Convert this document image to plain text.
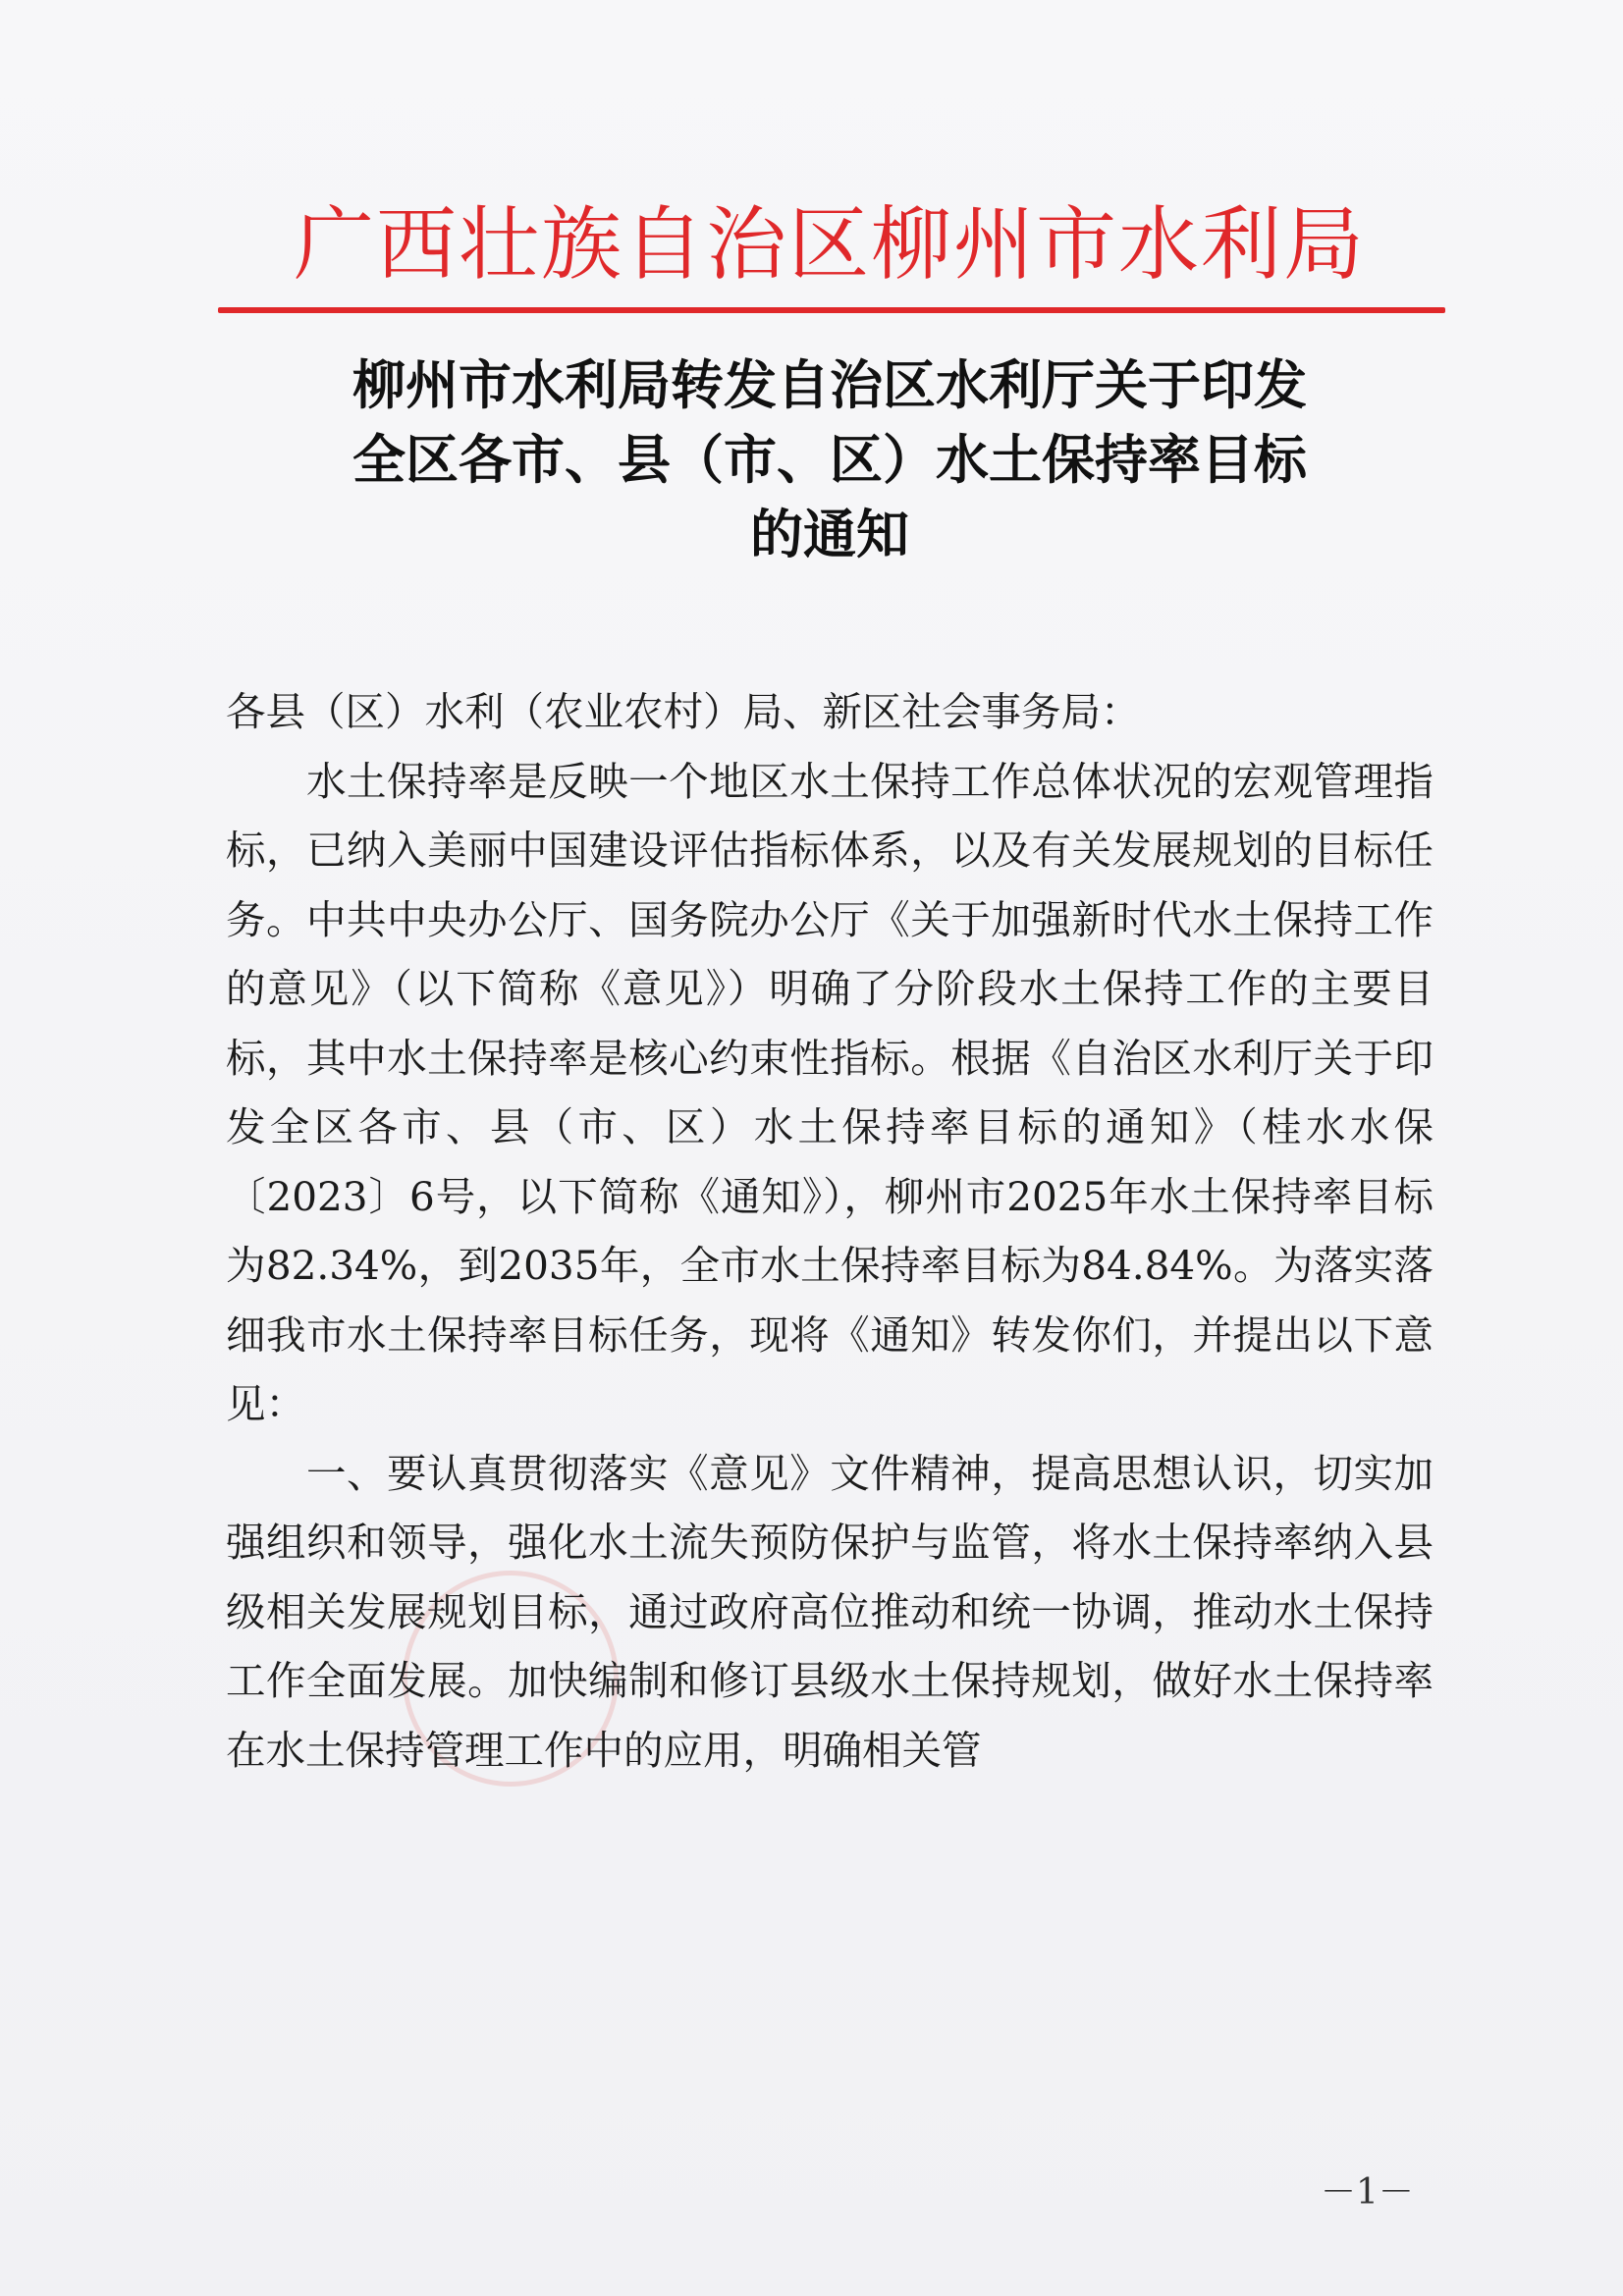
广西壮族自治区柳州市水利局
柳州市水利局转发自治区水利厅关于印发
全区各市、县（市、区）水土保持率目标
的通知

各县（区）水利（农业农村）局、新区社会事务局：

水土保持率是反映一个地区水土保持工作总体状况的宏观管理指标，已纳入美丽中国建设评估指标体系，以及有关发展规划的目标任务。中共中央办公厅、国务院办公厅《关于加强新时代水土保持工作的意见》（以下简称《意见》）明确了分阶段水土保持工作的主要目标，其中水土保持率是核心约束性指标。根据《自治区水利厅关于印发全区各市、县（市、区）水土保持率目标的通知》（桂水水保〔2023〕6号，以下简称《通知》），柳州市2025年水土保持率目标为82.34%，到2035年，全市水土保持率目标为84.84%。为落实落细我市水土保持率目标任务，现将《通知》转发你们，并提出以下意见：

一、要认真贯彻落实《意见》文件精神，提高思想认识，切实加强组织和领导，强化水土流失预防保护与监管，将水土保持率纳入县级相关发展规划目标，通过政府高位推动和统一协调，推动水土保持工作全面发展。加快编制和修订县级水土保持规划，做好水土保持率在水土保持管理工作中的应用，明确相关管

－1－
